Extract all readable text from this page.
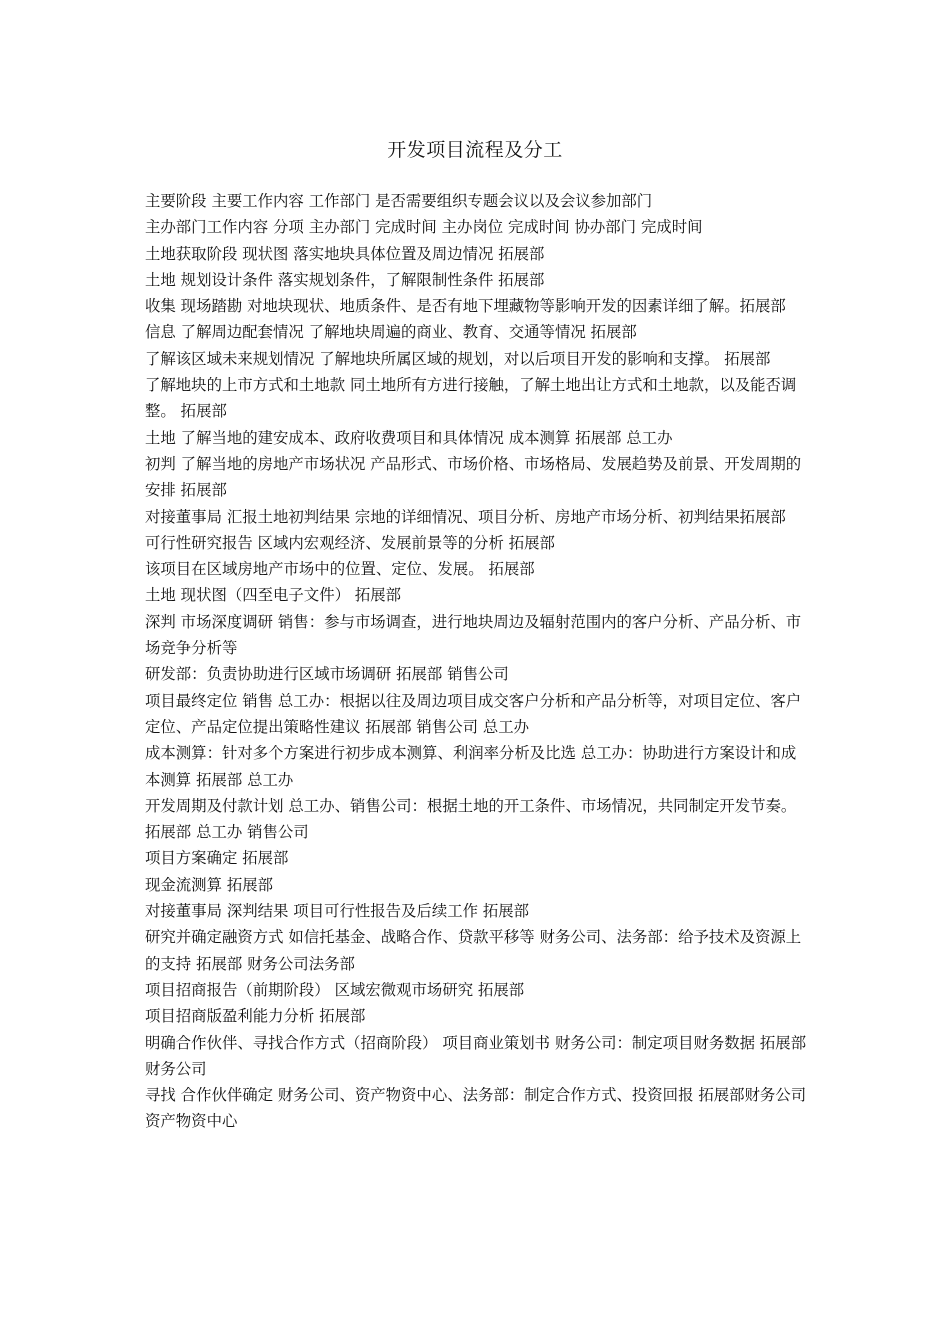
开发项目流程及分工

主要阶段 主要工作内容 工作部门 是否需要组织专题会议以及会议参加部门

主办部门工作内容 分项 主办部门 完成时间 主办岗位 完成时间 协办部门 完成时间

土地获取阶段 现状图 落实地块具体位置及周边情况 拓展部

土地 规划设计条件 落实规划条件，了解限制性条件 拓展部

收集 现场踏勘 对地块现状、地质条件、是否有地下埋藏物等影响开发的因素详细了解。拓展部

信息 了解周边配套情况 了解地块周遍的商业、教育、交通等情况 拓展部

了解该区域未来规划情况 了解地块所属区域的规划，对以后项目开发的影响和支撑。 拓展部

了解地块的上市方式和土地款 同土地所有方进行接触，了解土地出让方式和土地款，以及能否调整。 拓展部

土地 了解当地的建安成本、政府收费项目和具体情况 成本测算 拓展部 总工办

初判 了解当地的房地产市场状况 产品形式、市场价格、市场格局、发展趋势及前景、开发周期的安排 拓展部

对接董事局 汇报土地初判结果 宗地的详细情况、项目分析、房地产市场分析、初判结果拓展部

可行性研究报告 区域内宏观经济、发展前景等的分析 拓展部

该项目在区域房地产市场中的位置、定位、发展。 拓展部

土地 现状图（四至电子文件） 拓展部

深判 市场深度调研 销售：参与市场调查，进行地块周边及辐射范围内的客户分析、产品分析、市场竞争分析等

研发部：负责协助进行区域市场调研 拓展部 销售公司

项目最终定位 销售 总工办：根据以往及周边项目成交客户分析和产品分析等，对项目定位、客户定位、产品定位提出策略性建议 拓展部 销售公司 总工办

成本测算：针对多个方案进行初步成本测算、利润率分析及比选 总工办：协助进行方案设计和成本测算 拓展部 总工办

开发周期及付款计划 总工办、销售公司：根据土地的开工条件、市场情况，共同制定开发节奏。 拓展部 总工办 销售公司

项目方案确定 拓展部

现金流测算 拓展部

对接董事局 深判结果 项目可行性报告及后续工作 拓展部

研究并确定融资方式 如信托基金、战略合作、贷款平移等 财务公司、法务部：给予技术及资源上的支持 拓展部 财务公司法务部

项目招商报告（前期阶段） 区域宏微观市场研究 拓展部

项目招商版盈利能力分析 拓展部

明确合作伙伴、寻找合作方式（招商阶段） 项目商业策划书 财务公司：制定项目财务数据 拓展部 财务公司

寻找 合作伙伴确定 财务公司、资产物资中心、法务部：制定合作方式、投资回报 拓展部财务公司资产物资中心
